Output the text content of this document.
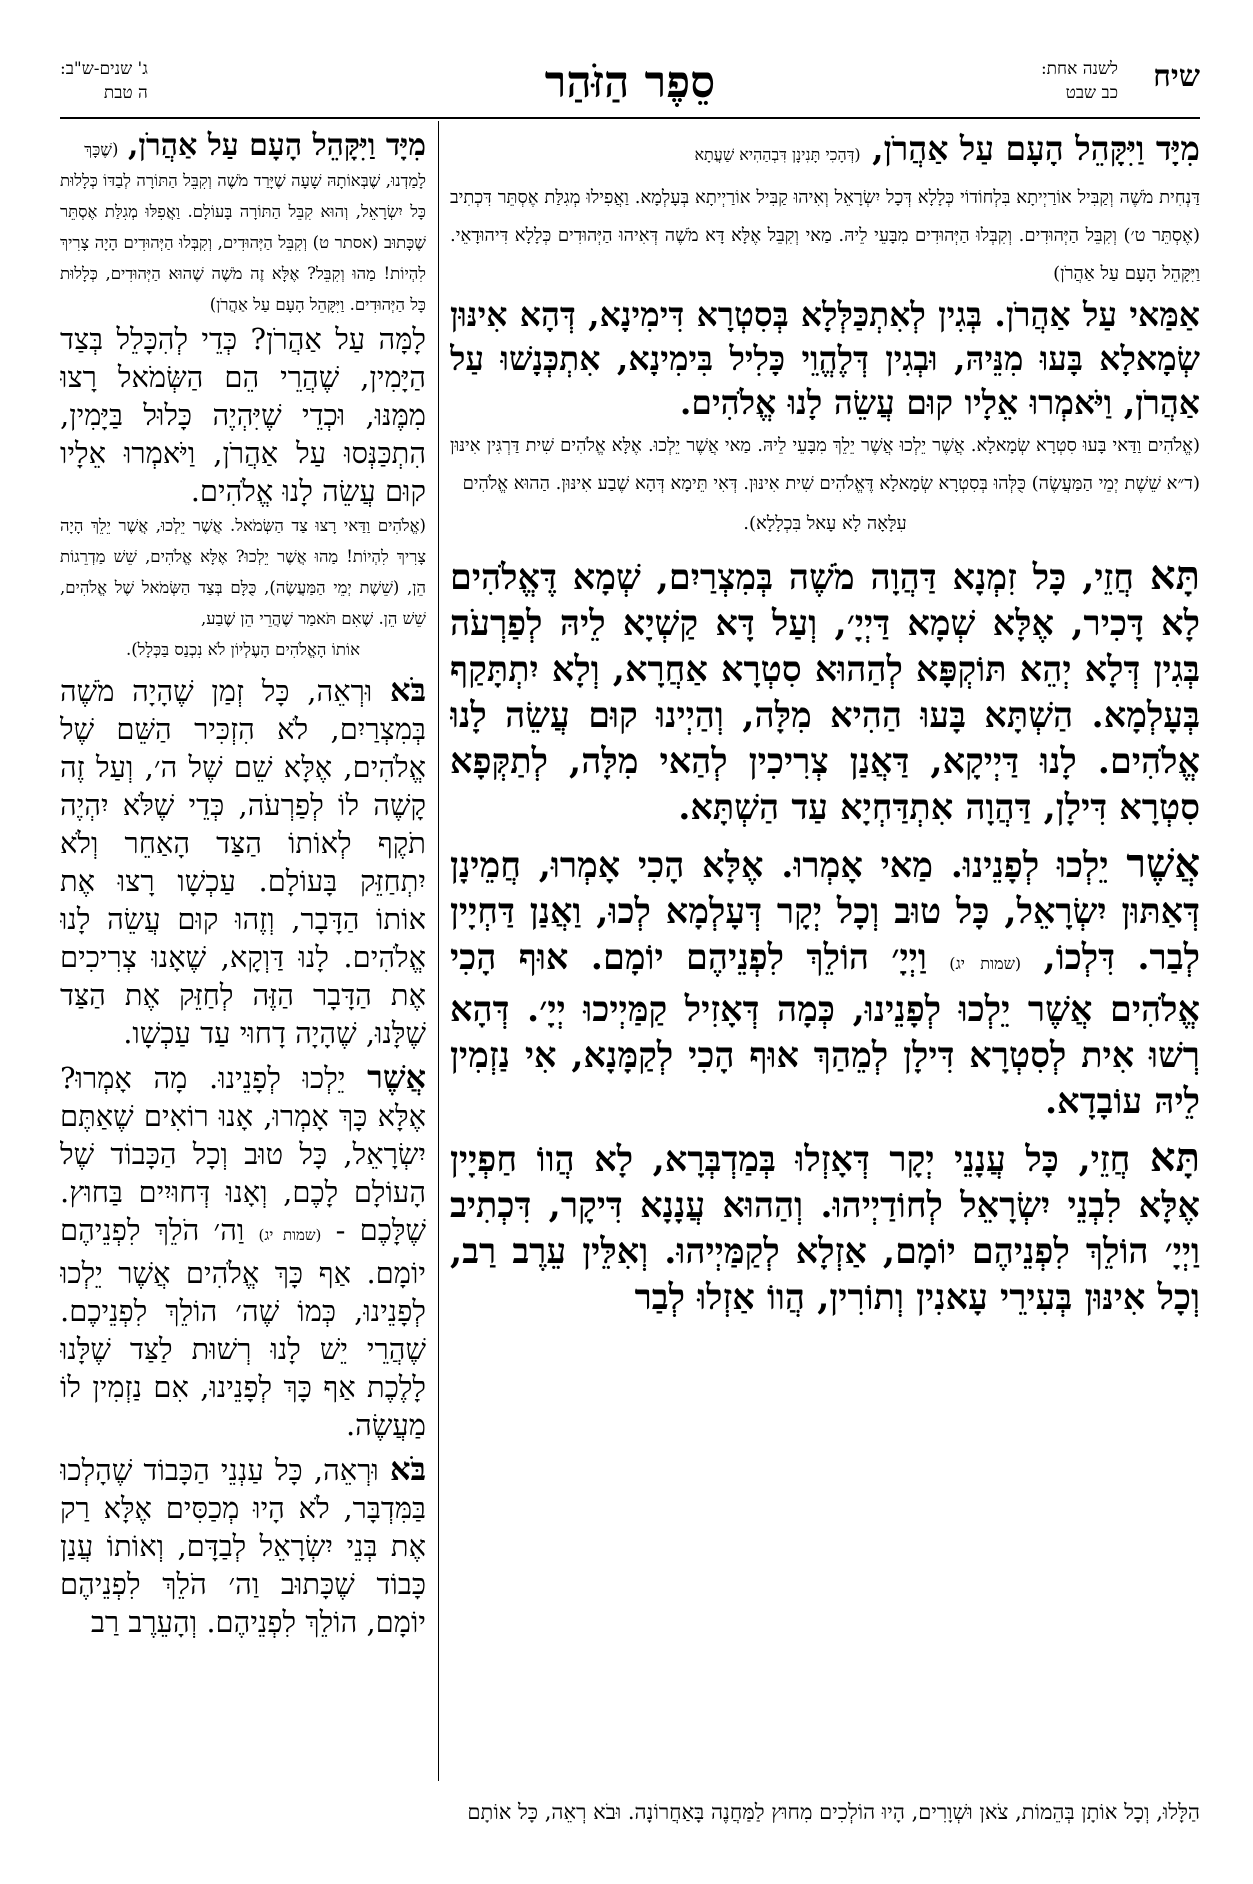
שיח
לשנה אחת:
כב שבט
סֵפֶר הַזֹּהַר
ג' שנים-ש"ב:
ה טבת

מִיָּד וַיִּקָּהֵל הָעָם עַל אַהֲרֹן, (דְּהָכִי תָּנִינָן דִּבְהַהִיא שַׁעֲתָא

דַּנְחִית מֹשֶׁה וְקַבִּיל אוֹרַיְיתָא בִּלְחוֹדוֹי כְּלָלָא דְּכָל יִשְׂרָאֵל וְאִיהוּ קַבִּיל אוֹרַיְיתָא בְּעָלְמָא. וַאֲפִילוּ מְגִלַּת אֶסְתֵּר דִּכְתִיב (אֶסְתֵּר ט׳) וְקִבֵּל הַיְּהוּדִים. וְקִבְּלוּ הַיְּהוּדִים מִבָּעֵי לֵיהּ. מַאי וְקִבֵּל אֶלָּא דָּא מֹשֶׁה דְּאִיהוּ הַיְּהוּדִים כְּלָלָא דִּיהוּדָאֵי. וַיִּקָּהֵל הָעָם עַל אַהֲרֹן)

אַמַּאי עַל אַהֲרֹן. בְּגִין לְאִתְכַּלְּלָא בְּסִטְרָא דִּימִינָא, דְּהָא אִינּוּן שְׂמָאלָא בָּעוּ מִנֵּיהּ, וּבְגִין דְּלֶהֱוֵי כָּלִיל בִּימִינָא, אִתְכְּנָשׁוּ עַל אַהֲרֹן, וַיֹּאמְרוּ אֵלָיו קוּם עֲשֵׂה לָנוּ אֱלֹהִים.

(אֱלֹהִים וַדַּאי בָּעוּ סִטְרָא שְׂמָאלָא. אֲשֶׁר יֵלְכוּ אֲשֶׁר יֵלֵךְ מִבָּעֵי לֵיהּ. מַאי אֲשֶׁר יֵלְכוּ. אֶלָּא אֱלֹהִים שִׁית דַּרְגִּין אִינּוּן (ד״א שֵׁשֶׁת יְמֵי הַמַּעֲשֶׂה) כֻּלְּהוּ בְּסִטְרָא שְׂמָאלָא דֶּאֱלֹהִים שִׁית אִינּוּן. דְּאִי תֵּימָא דְּהָא שֶׁבַע אִינּוּן. הַהוּא אֱלֹהִים

עִלָּאָה לָא עָאל בִּכְלָלָא).

תָּא חֲזֵי, כָּל זִמְנָא דַּהֲוָה מֹשֶׁה בְּמִצְרַיִם, שְׁמָא דֶּאֱלֹהִים לָא דָּכִיר, אֶלָּא שְׁמָא דַּיְיָ׳, וְעַל דָּא קַשְׁיָא לֵיהּ לְפַרְעֹה בְּגִין דְּלָא יְהֵא תּוֹקְפָּא לְהַהוּא סִטְרָא אַחֲרָא, וְלָא יִתְתָּקַף בְּעָלְמָא. הַשְׁתָּא בָּעוּ הַהִיא מִלָּה, וְהַיְינוּ קוּם עֲשֵׂה לָנוּ אֱלֹהִים. לָנוּ דַּיְיקָא, דַּאֲנַן צְרִיכִין לְהַאי מִלָּה, לְתַקְּפָא סִטְרָא דִּילָן, דַּהֲוָה אִתְדַּחְיָא עַד הַשְׁתָּא.

אֲשֶׁר יֵלְכוּ לְפָנֵינוּ. מַאי אָמְרוּ. אֶלָּא הָכִי אָמְרוּ, חֲמֵינָן דְּאַתּוּן יִשְׂרָאֵל, כָּל טוּב וְכָל יְקָר דְּעָלְמָא לְכוּ, וַאֲנַן דַּחְיָין לְבַר. דִּלְכוֹ, (שמות יג) וַיְיָ׳ הוֹלֵךְ לִפְנֵיהֶם יוֹמָם. אוּף הָכִי אֱלֹהִים אֲשֶׁר יֵלְכוּ לְפָנֵינוּ, כְּמָה דְּאָזִיל קַמַּיְיכוּ יְיָ׳. דְּהָא רְשׁוּ אִית לְסִטְרָא דִּילָן לְמֵהַךְ אוּף הָכִי לְקַמָּנָא, אִי נַזְמִין לֵיהּ עוֹבָדָא.

תָּא חֲזֵי, כָּל עֲנָנֵי יְקָר דְּאָזְלוּ בְּמַדְבְּרָא, לָא הֲווֹ חַפְיָין אֶלָּא לִבְנֵי יִשְׂרָאֵל לְחוֹדַיְיהוּ. וְהַהוּא עֲנָנָא דִּיקָר, דִּכְתִיב וַיְיָ׳ הוֹלֵךְ לִפְנֵיהֶם יוֹמָם, אַזְלָא לְקַמַּיְיהוּ. וְאִלֵּין עֵרֶב רַב, וְכָל אִינּוּן בְּעִירֵי עָאנִין וְתוֹרִין, הֲווֹ אַזְלוּ לְבַר

מִיָּד וַיִּקָּהֵל הָעָם עַל אַהֲרֹן, (שֶׁכָּךְ

לָמַדְנוּ, שֶׁבְּאוֹתָהּ שָׁעָה שֶׁיָּרַד מֹשֶׁה וְקִבֵּל הַתּוֹרָה לְבַדּוֹ כְּלָלוּת כָּל יִשְׂרָאֵל, וְהוּא קִבֵּל הַתּוֹרָה בָּעוֹלָם. וַאֲפִלּוּ מְגִלַּת אֶסְתֵּר שֶׁכָּתוּב (אסתר ט) וְקִבֵּל הַיְּהוּדִים, וְקִבְּלוּ הַיְּהוּדִים הָיָה צָרִיךְ לִהְיוֹת! מַהוּ וְקִבֵּל? אֶלָּא זֶה מֹשֶׁה שֶׁהוּא הַיְּהוּדִים, כְּלָלוּת כָּל הַיְּהוּדִים. וַיִּקָּהֵל הָעָם עַל אַהֲרֹן)

לָמָּה עַל אַהֲרֹן? כְּדֵי לְהִכָּלֵל בְּצַד הַיָּמִין, שֶׁהֲרֵי הֵם הַשְּׂמֹאל רָצוּ מִמֶּנּוּ, וּכְדֵי שֶׁיִּהְיֶה כָּלוּל בַּיָּמִין, הִתְכַּנְּסוּ עַל אַהֲרֹן, וַיֹּאמְרוּ אֵלָיו קוּם עֲשֵׂה לָנוּ אֱלֹהִים.

(אֱלֹהִים וַדַּאי רָצוּ צַד הַשְּׂמֹאל. אֲשֶׁר יֵלְכוּ, אֲשֶׁר יֵלֵךְ הָיָה צָרִיךְ לִהְיוֹת! מַהוּ אֲשֶׁר יֵלְכוּ? אֶלָּא אֱלֹהִים, שֵׁשׁ מַדְרֵגוֹת הֵן, (שֵׁשֶׁת יְמֵי הַמַּעֲשֶׂה), כֻּלָּם בְּצַד הַשְּׂמֹאל שֶׁל אֱלֹהִים, שֵׁשׁ הֵן. שֶׁאִם תֹּאמַר שֶׁהֲרֵי הֵן שֶׁבַע,

אוֹתוֹ הָאֱלֹהִים הָעֶלְיוֹן לֹא נִכְנַס בַּכְּלָל).

בֹּא וּרְאֵה, כָּל זְמַן שֶׁהָיָה מֹשֶׁה בְּמִצְרַיִם, לֹא הִזְכִּיר הַשֵּׁם שֶׁל אֱלֹהִים, אֶלָּא שֵׁם שֶׁל ה׳, וְעַל זֶה קָשֶׁה לוֹ לְפַרְעֹה, כְּדֵי שֶׁלֹּא יִהְיֶה תֹקֶף לְאוֹתוֹ הַצַּד הָאַחֵר וְלֹא יִתְחַזֵּק בָּעוֹלָם. עַכְשָׁו רָצוּ אֶת אוֹתוֹ הַדָּבָר, וְזֶהוּ קוּם עֲשֵׂה לָנוּ אֱלֹהִים. לָנוּ דַּוְקָא, שֶׁאָנוּ צְרִיכִים אֶת הַדָּבָר הַזֶּה לְחַזֵּק אֶת הַצַּד שֶׁלָּנוּ, שֶׁהָיָה דָחוּי עַד עַכְשָׁו.

אֲשֶׁר יֵלְכוּ לְפָנֵינוּ. מָה אָמְרוּ? אֶלָּא כָּךְ אָמְרוּ, אָנוּ רוֹאִים שֶׁאַתֶּם יִשְׂרָאֵל, כָּל טוּב וְכָל הַכָּבוֹד שֶׁל הָעוֹלָם לָכֶם, וְאָנוּ דְּחוּיִים בַּחוּץ. שֶׁלָּכֶם - (שמות יג) וַה׳ הֹלֵךְ לִפְנֵיהֶם יוֹמָם. אַף כָּךְ אֱלֹהִים אֲשֶׁר יֵלְכוּ לְפָנֵינוּ, כְּמוֹ שֶׁה׳ הוֹלֵךְ לִפְנֵיכֶם. שֶׁהֲרֵי יֵשׁ לָנוּ רְשׁוּת לַצַּד שֶׁלָּנוּ לָלֶכֶת אַף כָּךְ לְפָנֵינוּ, אִם נַזְמִין לוֹ מַעֲשֶׂה.

בֹּא וּרְאֵה, כָּל עַנְנֵי הַכָּבוֹד שֶׁהָלְכוּ בַּמִּדְבָּר, לֹא הָיוּ מְכַסִּים אֶלָּא רַק אֶת בְּנֵי יִשְׂרָאֵל לְבַדָּם, וְאוֹתוֹ עֲנַן כָּבוֹד שֶׁכָּתוּב וַה׳ הֹלֵךְ לִפְנֵיהֶם יוֹמָם, הוֹלֵךְ לִפְנֵיהֶם. וְהָעֵרֶב רַב

הַלָּלוּ, וְכָל אוֹתָן בְּהֵמוֹת, צֹאן וּשְׁוָרִים, הָיוּ הוֹלְכִים מִחוּץ לַמַּחֲנֶה בָּאַחֲרוֹנָה. וּבֹא רְאֵה, כָּל אוֹתָם
